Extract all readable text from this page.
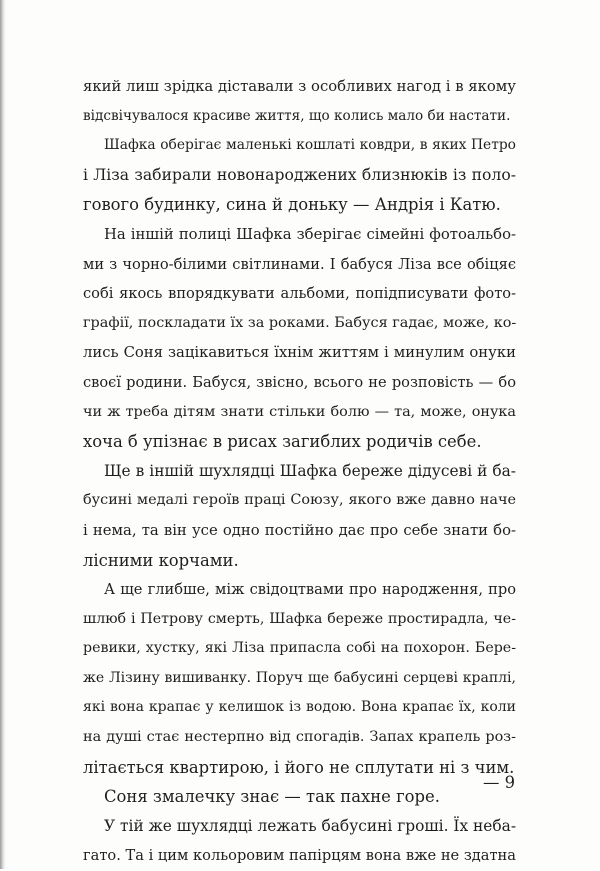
який лиш зрідка діставали з особливих нагод і в якому
відсвічувалося красиве життя, що колись мало би настати.
Шафка оберігає маленькі кошлаті ковдри, в яких Петро
і Ліза забирали новонароджених близнюків із поло-
гового будинку, сина й доньку — Андрія і Катю.
На іншій полиці Шафка зберігає сімейні фотоальбо-
ми з чорно-білими світлинами. І бабуся Ліза все обіцяє
собі якось впорядкувати альбоми, попідписувати фото-
графії, поскладати їх за роками. Бабуся гадає, може, ко-
лись Соня зацікавиться їхнім життям і минулим онуки
своєї родини. Бабуся, звісно, всього не розповість — бо
чи ж треба дітям знати стільки болю — та, може, онука
хоча б упізнає в рисах загиблих родичів себе.
Ще в іншій шухлядці Шафка береже дідусеві й ба-
бусині медалі героїв праці Союзу, якого вже давно наче
і нема, та він усе одно постійно дає про себе знати бо-
лісними корчами.
А ще глибше, між свідоцтвами про народження, про
шлюб і Петрову смерть, Шафка береже простирадла, че-
ревики, хустку, які Ліза припасла собі на похорон. Бере-
же Лізину вишиванку. Поруч ще бабусині серцеві краплі,
які вона крапає у келишок із водою. Вона крапає їх, коли
на душі стає нестерпно від спогадів. Запах крапель роз-
літається квартирою, і його не сплутати ні з чим.
Соня змалечку знає — так пахне горе.
У тій же шухлядці лежать бабусині гроші. Їх неба-
гато. Та і цим кольоровим папірцям вона вже не здатна
— 9
